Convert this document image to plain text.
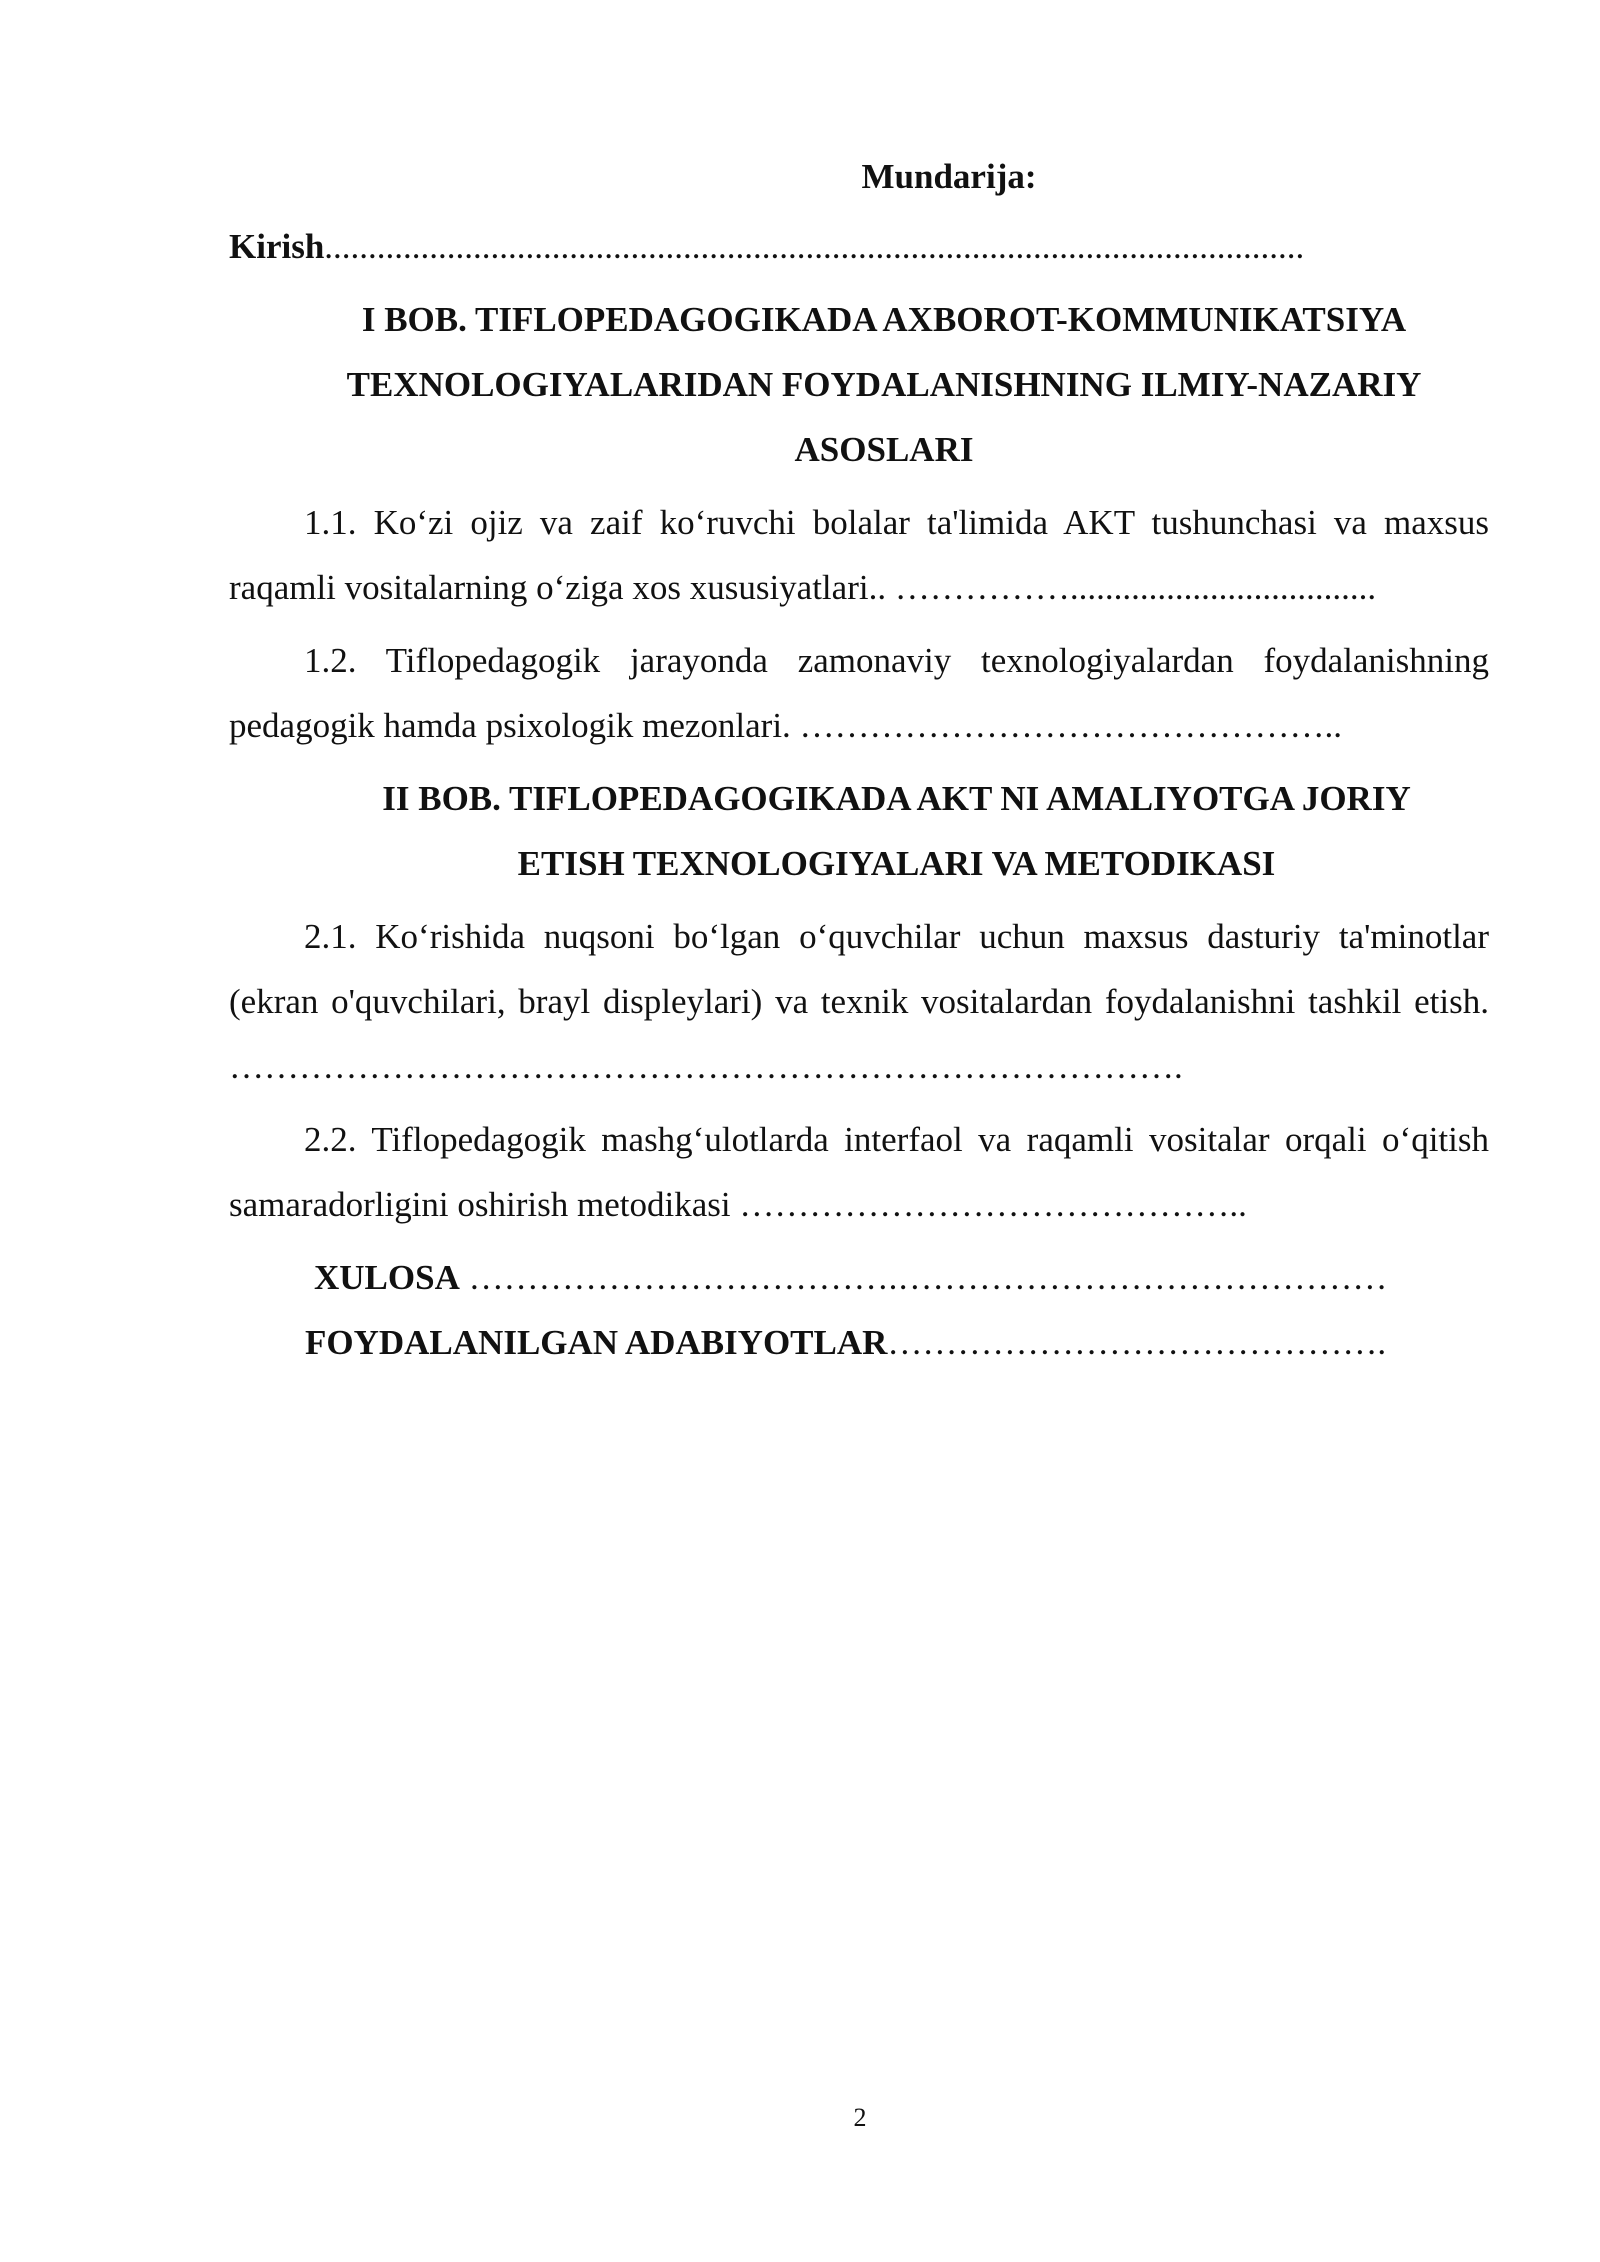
Mundarija:

Kirish................................................................................................................

I BOB. TIFLOPEDAGOGIKADA AXBOROT-KOMMUNIKATSIYA
TEXNOLOGIYALARIDAN FOYDALANISHNING ILMIY-NAZARIY
ASOSLARI

1.1. Ko‘zi ojiz va zaif ko‘ruvchi bolalar ta'limida AKT tushunchasi va maxsus raqamli vositalarning o‘ziga xos xususiyatlari.. ……………...................................

1.2. Tiflopedagogik jarayonda zamonaviy texnologiyalardan foydalanishning pedagogik hamda psixologik mezonlari. ………………………………………..

II BOB. TIFLOPEDAGOGIKADA AKT NI AMALIYOTGA JORIY
ETISH TEXNOLOGIYALARI VA METODIKASI

2.1. Ko‘rishida nuqsoni bo‘lgan o‘quvchilar uchun maxsus dasturiy ta'minotlar (ekran o'quvchilari, brayl displeylari) va texnik vositalardan foydalanishni tashkil etish. ……………………………………………………………………….

2.2. Tiflopedagogik mashg‘ulotlarda interfaol va raqamli vositalar orqali o‘qitish samaradorligini oshirish metodikasi ……………………………………..

XULOSA ……………………………….……………………………………

FOYDALANILGAN ADABIYOTLAR…………………………………….

2
